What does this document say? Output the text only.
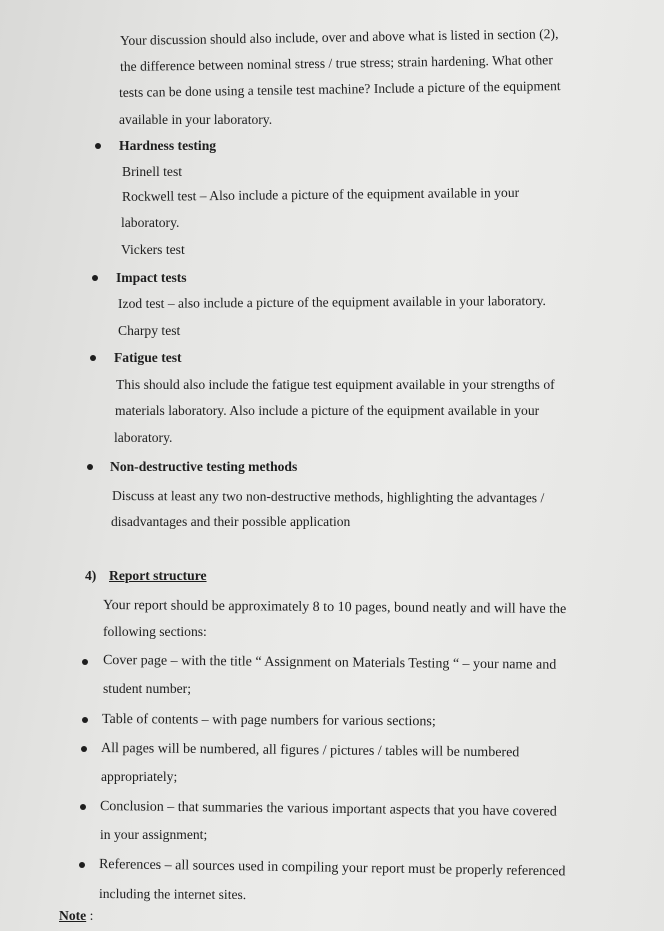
Your discussion should also include, over and above what is listed in section (2),
the difference between nominal stress / true stress; strain hardening. What other
tests can be done using a tensile test machine? Include a picture of the equipment
available in your laboratory.
Hardness testing
Brinell test
Rockwell test – Also include a picture of the equipment available in your
laboratory.
Vickers test
Impact tests
Izod test – also include a picture of the equipment available in your laboratory.
Charpy test
Fatigue test
This should also include the fatigue test equipment available in your strengths of
materials laboratory. Also include a picture of the equipment available in your
laboratory.
Non-destructive testing methods
Discuss at least any two non-destructive methods, highlighting the advantages /
disadvantages and their possible application
4) Report structure
Your report should be approximately 8 to 10 pages, bound neatly and will have the
following sections:
Cover page – with the title “ Assignment on Materials Testing “ – your name and
student number;
Table of contents – with page numbers for various sections;
All pages will be numbered, all figures / pictures / tables will be numbered
appropriately;
Conclusion – that summaries the various important aspects that you have covered
in your assignment;
References – all sources used in compiling your report must be properly referenced
including the internet sites.
Note :
